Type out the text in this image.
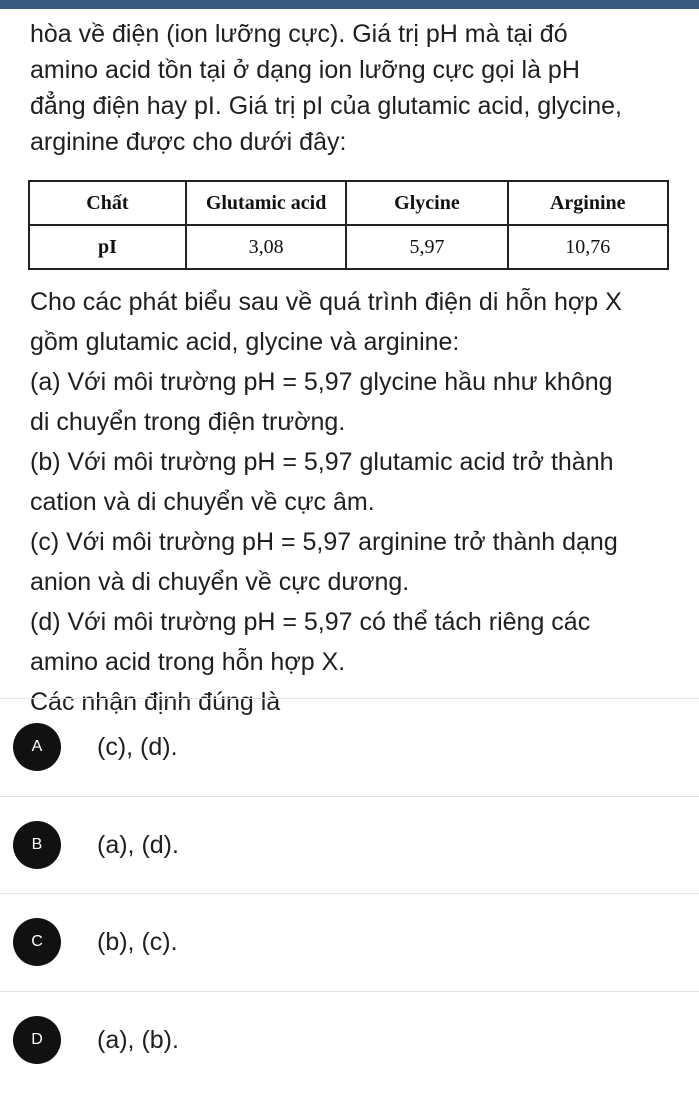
hòa về điện (ion lưỡng cực). Giá trị pH mà tại đó

amino acid tồn tại ở dạng ion lưỡng cực gọi là pH

đẳng điện hay pI. Giá trị pI của glutamic acid, glycine,

arginine được cho dưới đây:

Chất	Glutamic acid	Glycine	Arginine
pI	3,08	5,97	10,76

Cho các phát biểu sau về quá trình điện di hỗn hợp X

gồm glutamic acid, glycine và arginine:

(a) Với môi trường pH = 5,97 glycine hầu như không

di chuyển trong điện trường.

(b) Với môi trường pH = 5,97 glutamic acid trở thành

cation và di chuyển về cực âm.

(c) Với môi trường pH = 5,97 arginine trở thành dạng

anion và di chuyển về cực dương.

(d) Với môi trường pH = 5,97 có thể tách riêng các

amino acid trong hỗn hợp X.

Các nhận định đúng là

A	(c), (d).
B	(a), (d).
C	(b), (c).
D	(a), (b).
